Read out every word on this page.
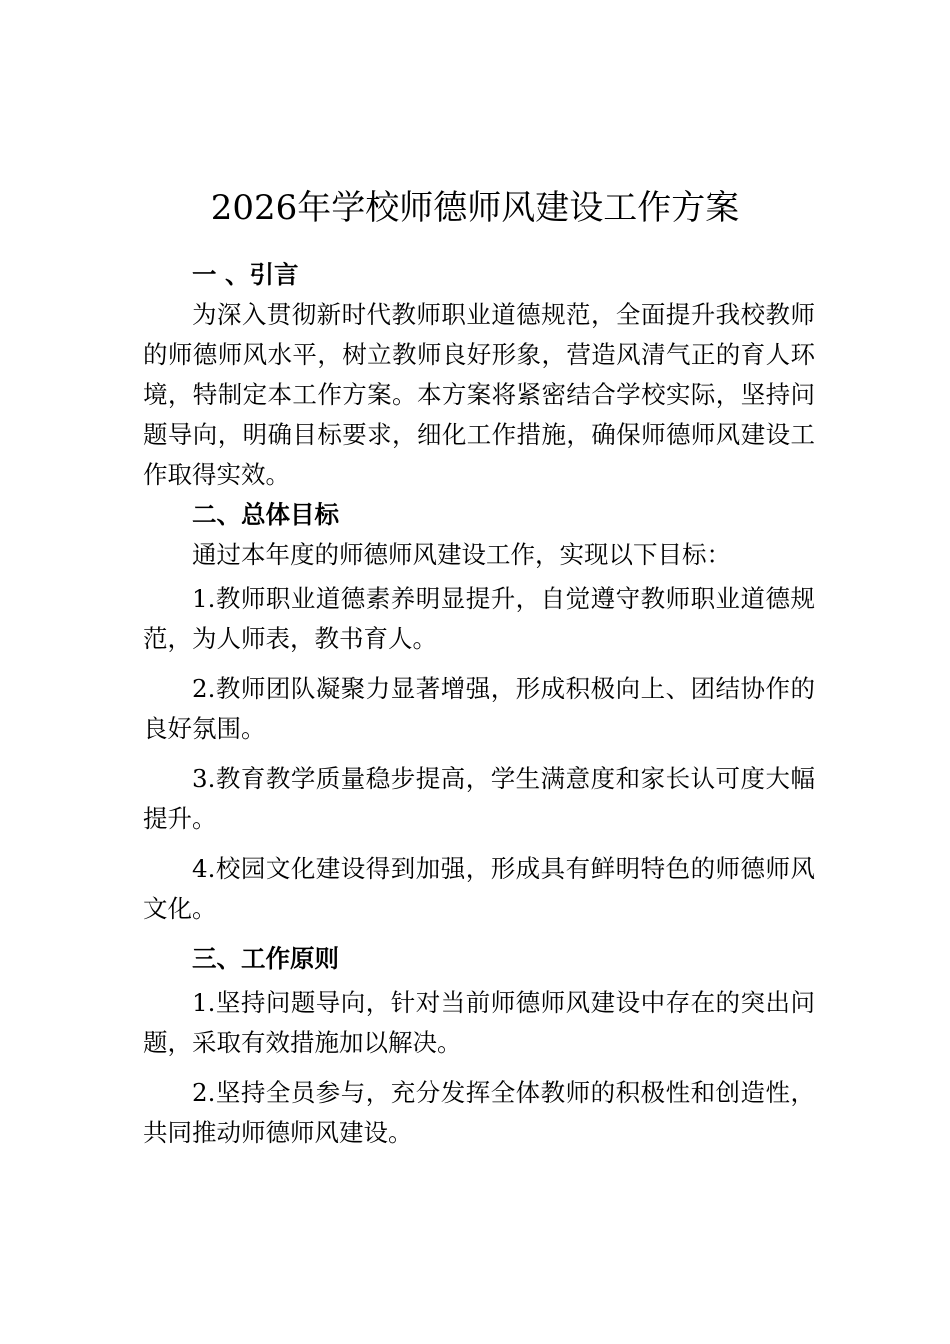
2026年学校师德师风建设工作方案

一 、引言

为深入贯彻新时代教师职业道德规范，全面提升我校教师的师德师风水平，树立教师良好形象，营造风清气正的育人环境，特制定本工作方案。本方案将紧密结合学校实际，坚持问题导向，明确目标要求，细化工作措施，确保师德师风建设工作取得实效。

二、总体目标

通过本年度的师德师风建设工作，实现以下目标：

1.教师职业道德素养明显提升，自觉遵守教师职业道德规范，为人师表，教书育人。

2.教师团队凝聚力显著增强，形成积极向上、团结协作的良好氛围。

3.教育教学质量稳步提高，学生满意度和家长认可度大幅提升。

4.校园文化建设得到加强，形成具有鲜明特色的师德师风文化。

三、工作原则

1.坚持问题导向，针对当前师德师风建设中存在的突出问题，采取有效措施加以解决。

2.坚持全员参与，充分发挥全体教师的积极性和创造性，共同推动师德师风建设。
